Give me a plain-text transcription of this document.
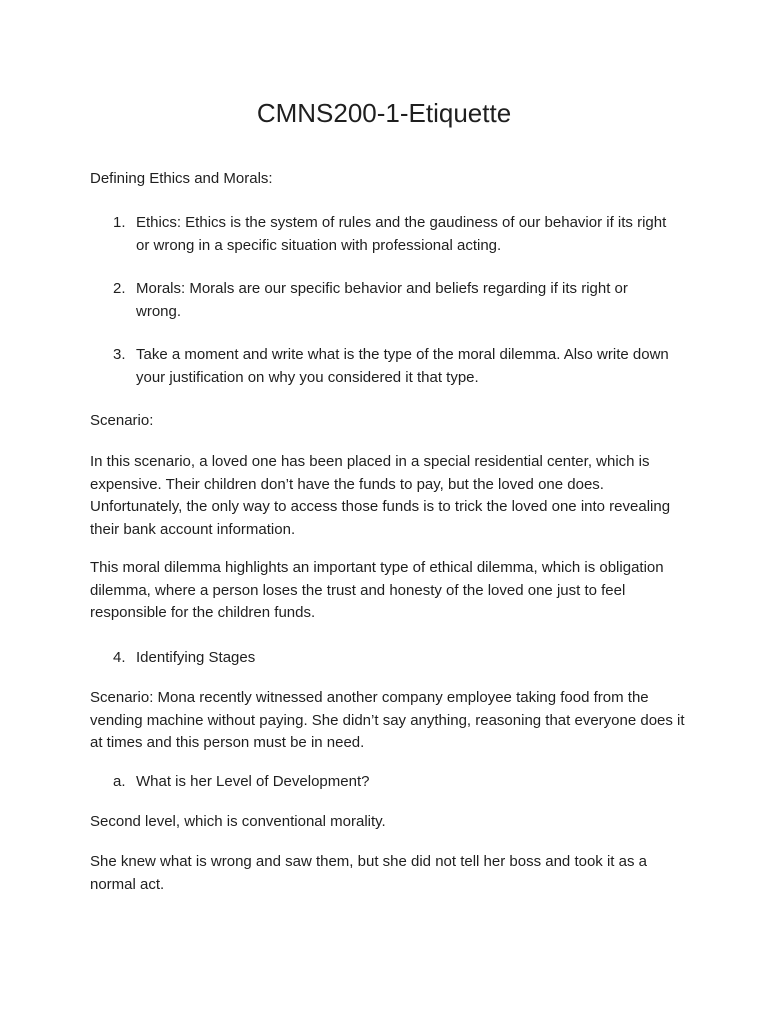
CMNS200-1-Etiquette

Defining Ethics and Morals:

1. Ethics: Ethics is the system of rules and the gaudiness of our behavior if its right or wrong in a specific situation with professional acting.
2. Morals: Morals are our specific behavior and beliefs regarding if its right or wrong.
3. Take a moment and write what is the type of the moral dilemma. Also write down your justification on why you considered it that type.

Scenario:

In this scenario, a loved one has been placed in a special residential center, which is expensive. Their children don’t have the funds to pay, but the loved one does. Unfortunately, the only way to access those funds is to trick the loved one into revealing their bank account information.

This moral dilemma highlights an important type of ethical dilemma, which is obligation dilemma, where a person loses the trust and honesty of the loved one just to feel responsible for the children funds.

4. Identifying Stages

Scenario: Mona recently witnessed another company employee taking food from the vending machine without paying. She didn’t say anything, reasoning that everyone does it at times and this person must be in need.

a. What is her Level of Development?

Second level, which is conventional morality.

She knew what is wrong and saw them, but she did not tell her boss and took it as a normal act.
